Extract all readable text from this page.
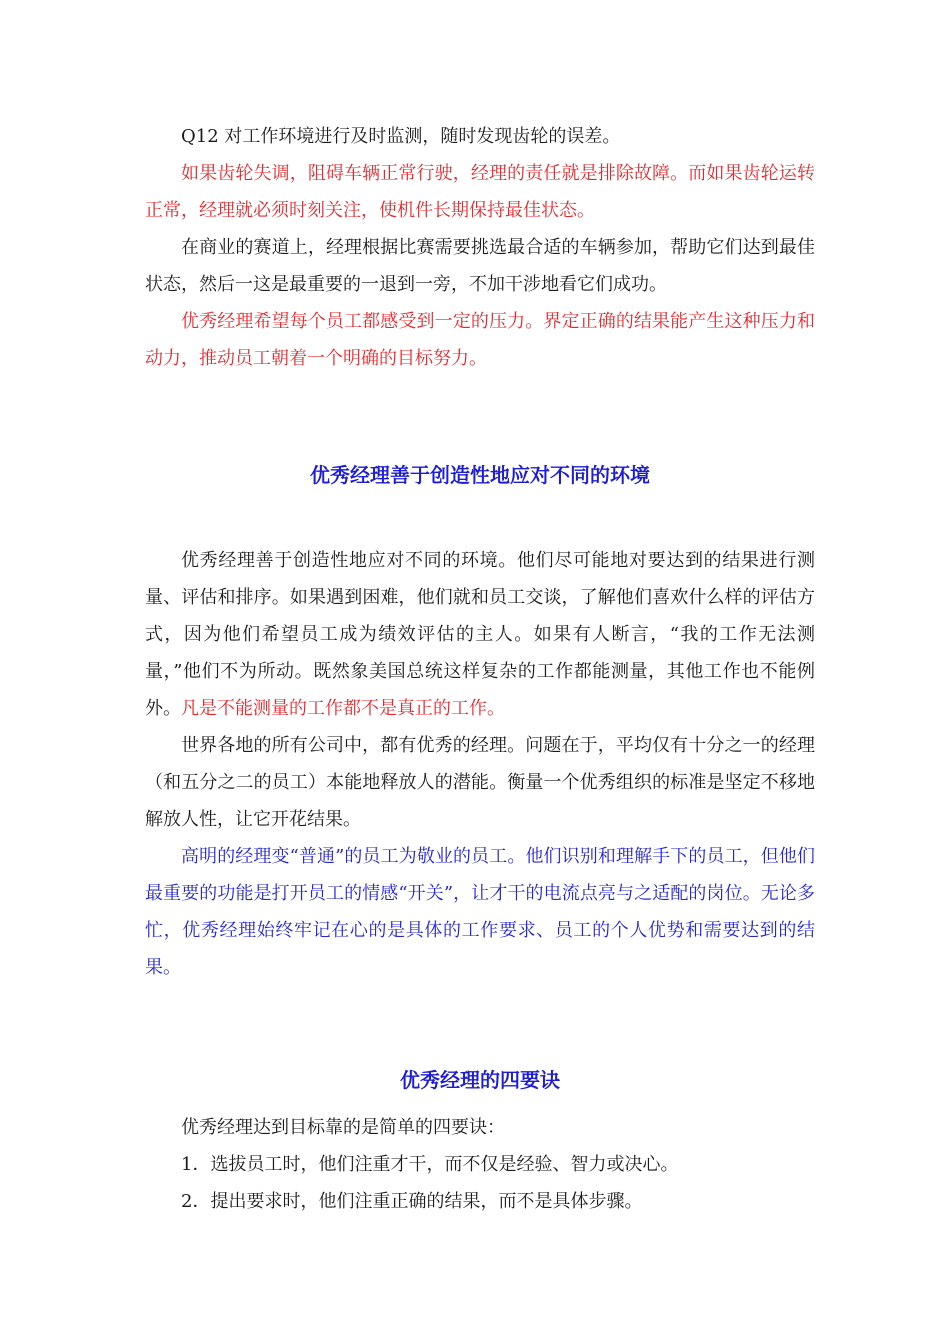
Q12 对工作环境进行及时监测，随时发现齿轮的误差。

如果齿轮失调，阻碍车辆正常行驶，经理的责任就是排除故障。而如果齿轮运转正常，经理就必须时刻关注，使机件长期保持最佳状态。

在商业的赛道上，经理根据比赛需要挑选最合适的车辆参加，帮助它们达到最佳状态，然后一这是最重要的一退到一旁，不加干涉地看它们成功。

优秀经理希望每个员工都感受到一定的压力。界定正确的结果能产生这种压力和动力，推动员工朝着一个明确的目标努力。

优秀经理善于创造性地应对不同的环境

优秀经理善于创造性地应对不同的环境。他们尽可能地对要达到的结果进行测量、评估和排序。如果遇到困难，他们就和员工交谈，了解他们喜欢什么样的评估方式，因为他们希望员工成为绩效评估的主人。如果有人断言，“我的工作无法测量，”他们不为所动。既然象美国总统这样复杂的工作都能测量，其他工作也不能例外。凡是不能测量的工作都不是真正的工作。

世界各地的所有公司中，都有优秀的经理。问题在于，平均仅有十分之一的经理（和五分之二的员工）本能地释放人的潜能。衡量一个优秀组织的标准是坚定不移地解放人性，让它开花结果。

高明的经理变“普通”的员工为敬业的员工。他们识别和理解手下的员工，但他们最重要的功能是打开员工的情感“开关”，让才干的电流点亮与之适配的岗位。无论多忙，优秀经理始终牢记在心的是具体的工作要求、员工的个人优势和需要达到的结果。

优秀经理的四要诀

优秀经理达到目标靠的是简单的四要诀：

1．选拔员工时，他们注重才干，而不仅是经验、智力或决心。

2．提出要求时，他们注重正确的结果，而不是具体步骤。
